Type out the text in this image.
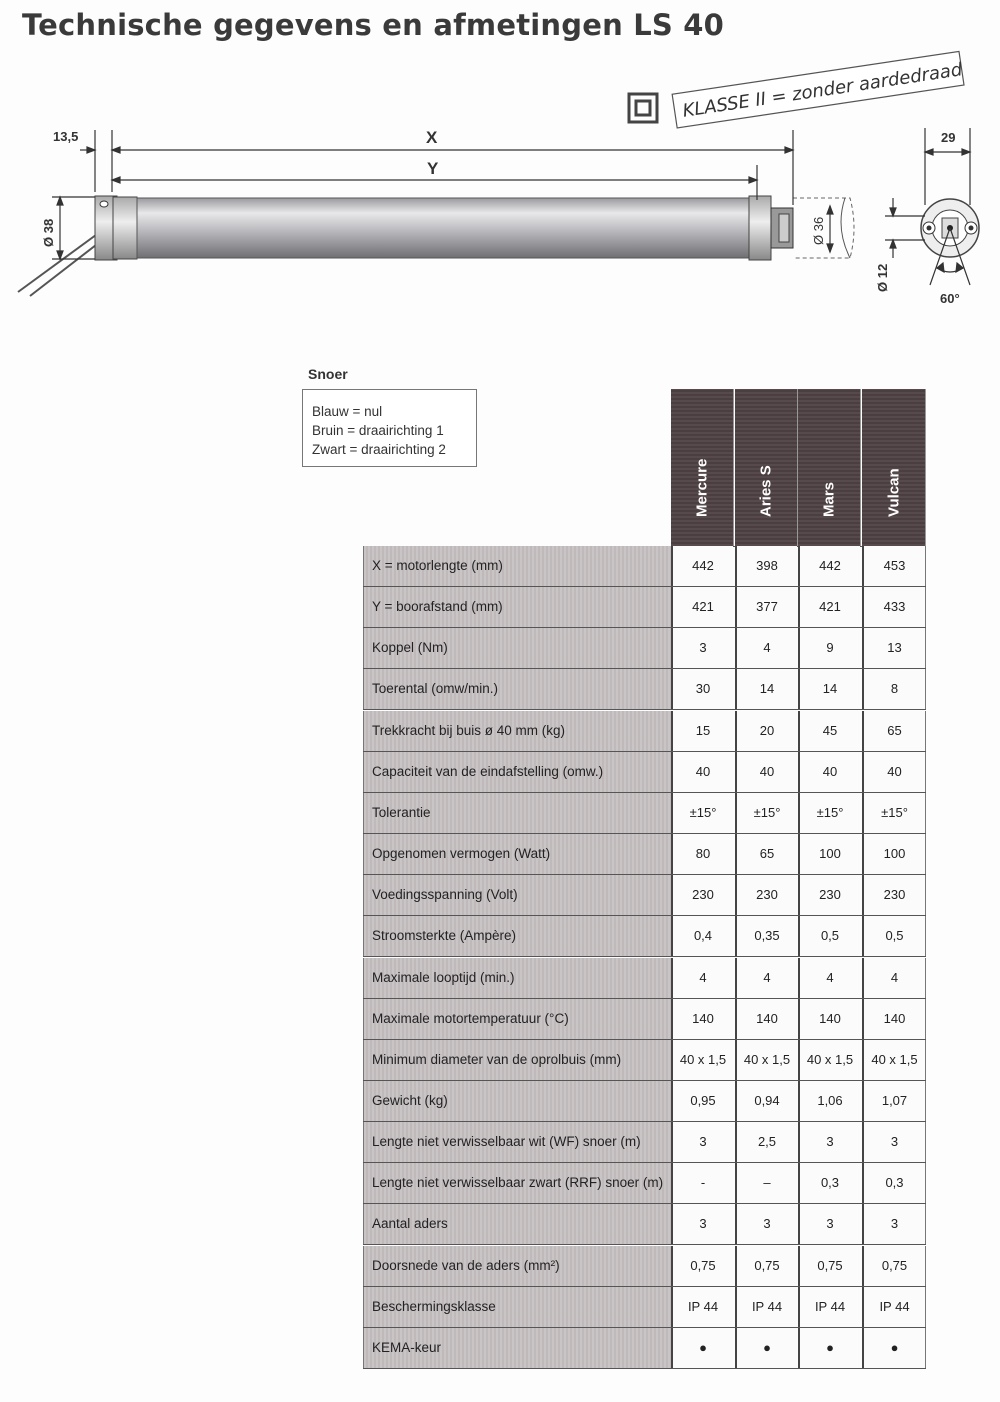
Technische gegevens en afmetingen LS 40
KLASSE II = zonder aardedraad
13,5	X
Y
Ø 38	Ø 36
29
Ø 12
60°
Snoer
Blauw = nul
Bruin = draairichting 1
Zwart = draairichting 2
Mercure	Aries S	Mars	Vulcan
X = motorlengte (mm)	442	398	442	453
Y = boorafstand (mm)	421	377	421	433
Koppel (Nm)	3	4	9	13
Toerental (omw/min.)	30	14	14	8
Trekkracht bij buis ø 40 mm (kg)	15	20	45	65
Capaciteit van de eindafstelling (omw.)	40	40	40	40
Tolerantie	±15°	±15°	±15°	±15°
Opgenomen vermogen (Watt)	80	65	100	100
Voedingsspanning (Volt)	230	230	230	230
Stroomsterkte (Ampère)	0,4	0,35	0,5	0,5
Maximale looptijd (min.)	4	4	4	4
Maximale motortemperatuur (°C)	140	140	140	140
Minimum diameter van de oprolbuis (mm)	40 x 1,5	40 x 1,5	40 x 1,5	40 x 1,5
Gewicht (kg)	0,95	0,94	1,06	1,07
Lengte niet verwisselbaar wit (WF) snoer (m)	3	2,5	3	3
Lengte niet verwisselbaar zwart (RRF) snoer (m)	-	–	0,3	0,3
Aantal aders	3	3	3	3
Doorsnede van de aders (mm²)	0,75	0,75	0,75	0,75
Beschermingsklasse	IP 44	IP 44	IP 44	IP 44
KEMA-keur	●	●	●	●
